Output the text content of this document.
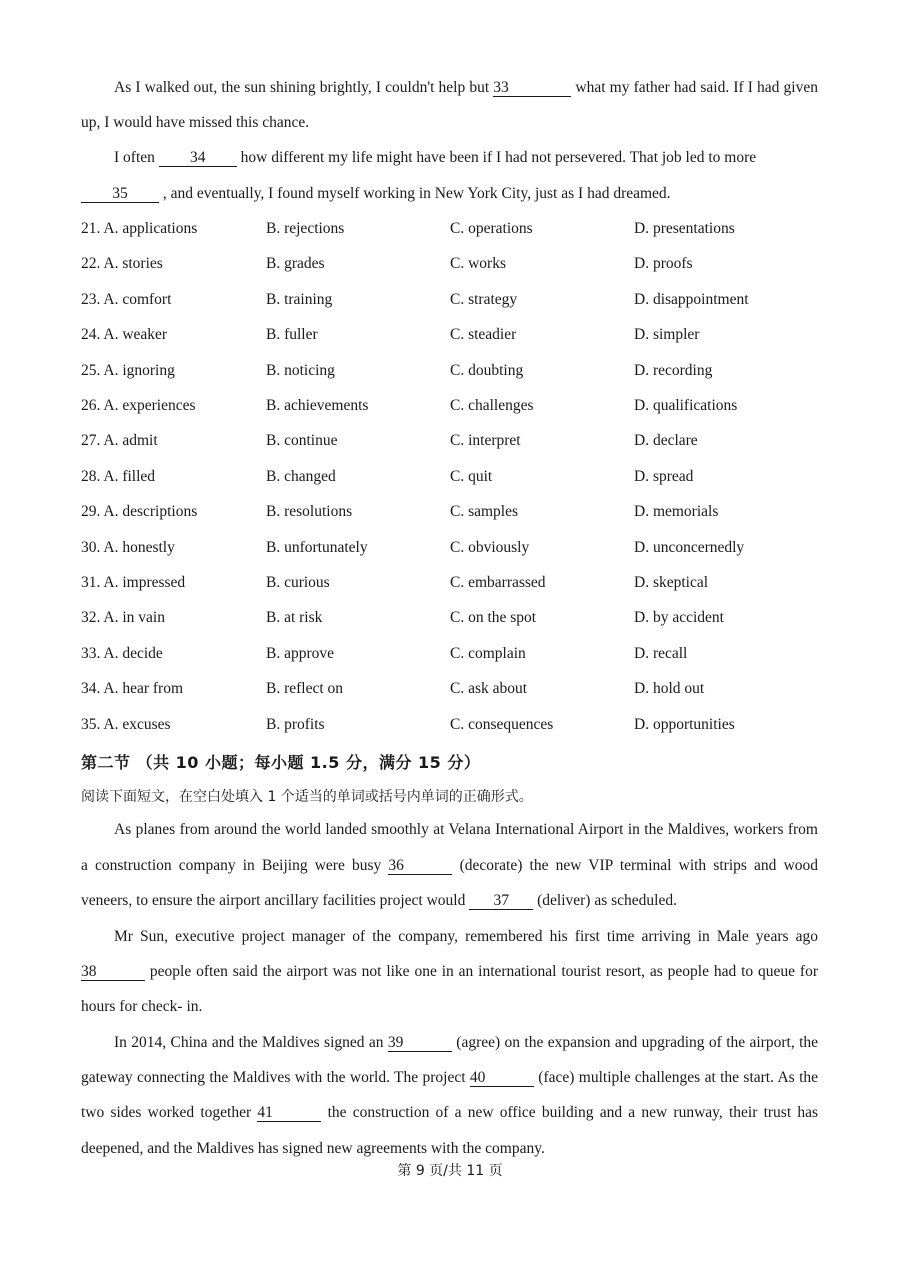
As I walked out, the sun shining brightly, I couldn't help but 33	what my father had said. If I had given
up, I would have missed this chance.
I often 34 how different my life might have been if I had not persevered. That job led to more
35 , and eventually, I found myself working in New York City, just as I had dreamed.
21. A. applications	B. rejections	C. operations	D. presentations
22. A. stories	B. grades	C. works	D. proofs
23. A. comfort	B. training	C. strategy	D. disappointment
24. A. weaker	B. fuller	C. steadier	D. simpler
25. A. ignoring	B. noticing	C. doubting	D. recording
26. A. experiences	B. achievements	C. challenges	D. qualifications
27. A. admit	B. continue	C. interpret	D. declare
28. A. filled	B. changed	C. quit	D. spread
29. A. descriptions	B. resolutions	C. samples	D. memorials
30. A. honestly	B. unfortunately	C. obviously	D. unconcernedly
31. A. impressed	B. curious	C. embarrassed	D. skeptical
32. A. in vain	B. at risk	C. on the spot	D. by accident
33. A. decide	B. approve	C. complain	D. recall
34. A. hear from	B. reflect on	C. ask about	D. hold out
35. A. excuses	B. profits	C. consequences	D. opportunities
第二节 （共 10 小题；每小题 1.5 分，满分 15 分）
阅读下面短文，在空白处填入 1 个适当的单词或括号内单词的正确形式。
As planes from around the world landed smoothly at Velana International Airport in the Maldives, workers from
a construction company in Beijing were busy 36	(decorate) the new VIP terminal with strips and wood
veneers, to ensure the airport ancillary facilities project would 37 (deliver) as scheduled.
Mr Sun, executive project manager of the company, remembered his first time arriving in Male years ago
38	people often said the airport was not like one in an international tourist resort, as people had to queue for
hours for check- in.
In 2014, China and the Maldives signed an 39	(agree) on the expansion and upgrading of the airport, the
gateway connecting the Maldives with the world. The project 40	(face) multiple challenges at the start. As the
two sides worked together 41	the construction of a new office building and a new runway, their trust has
deepened, and the Maldives has signed new agreements with the company.
第 9 页/共 11 页
